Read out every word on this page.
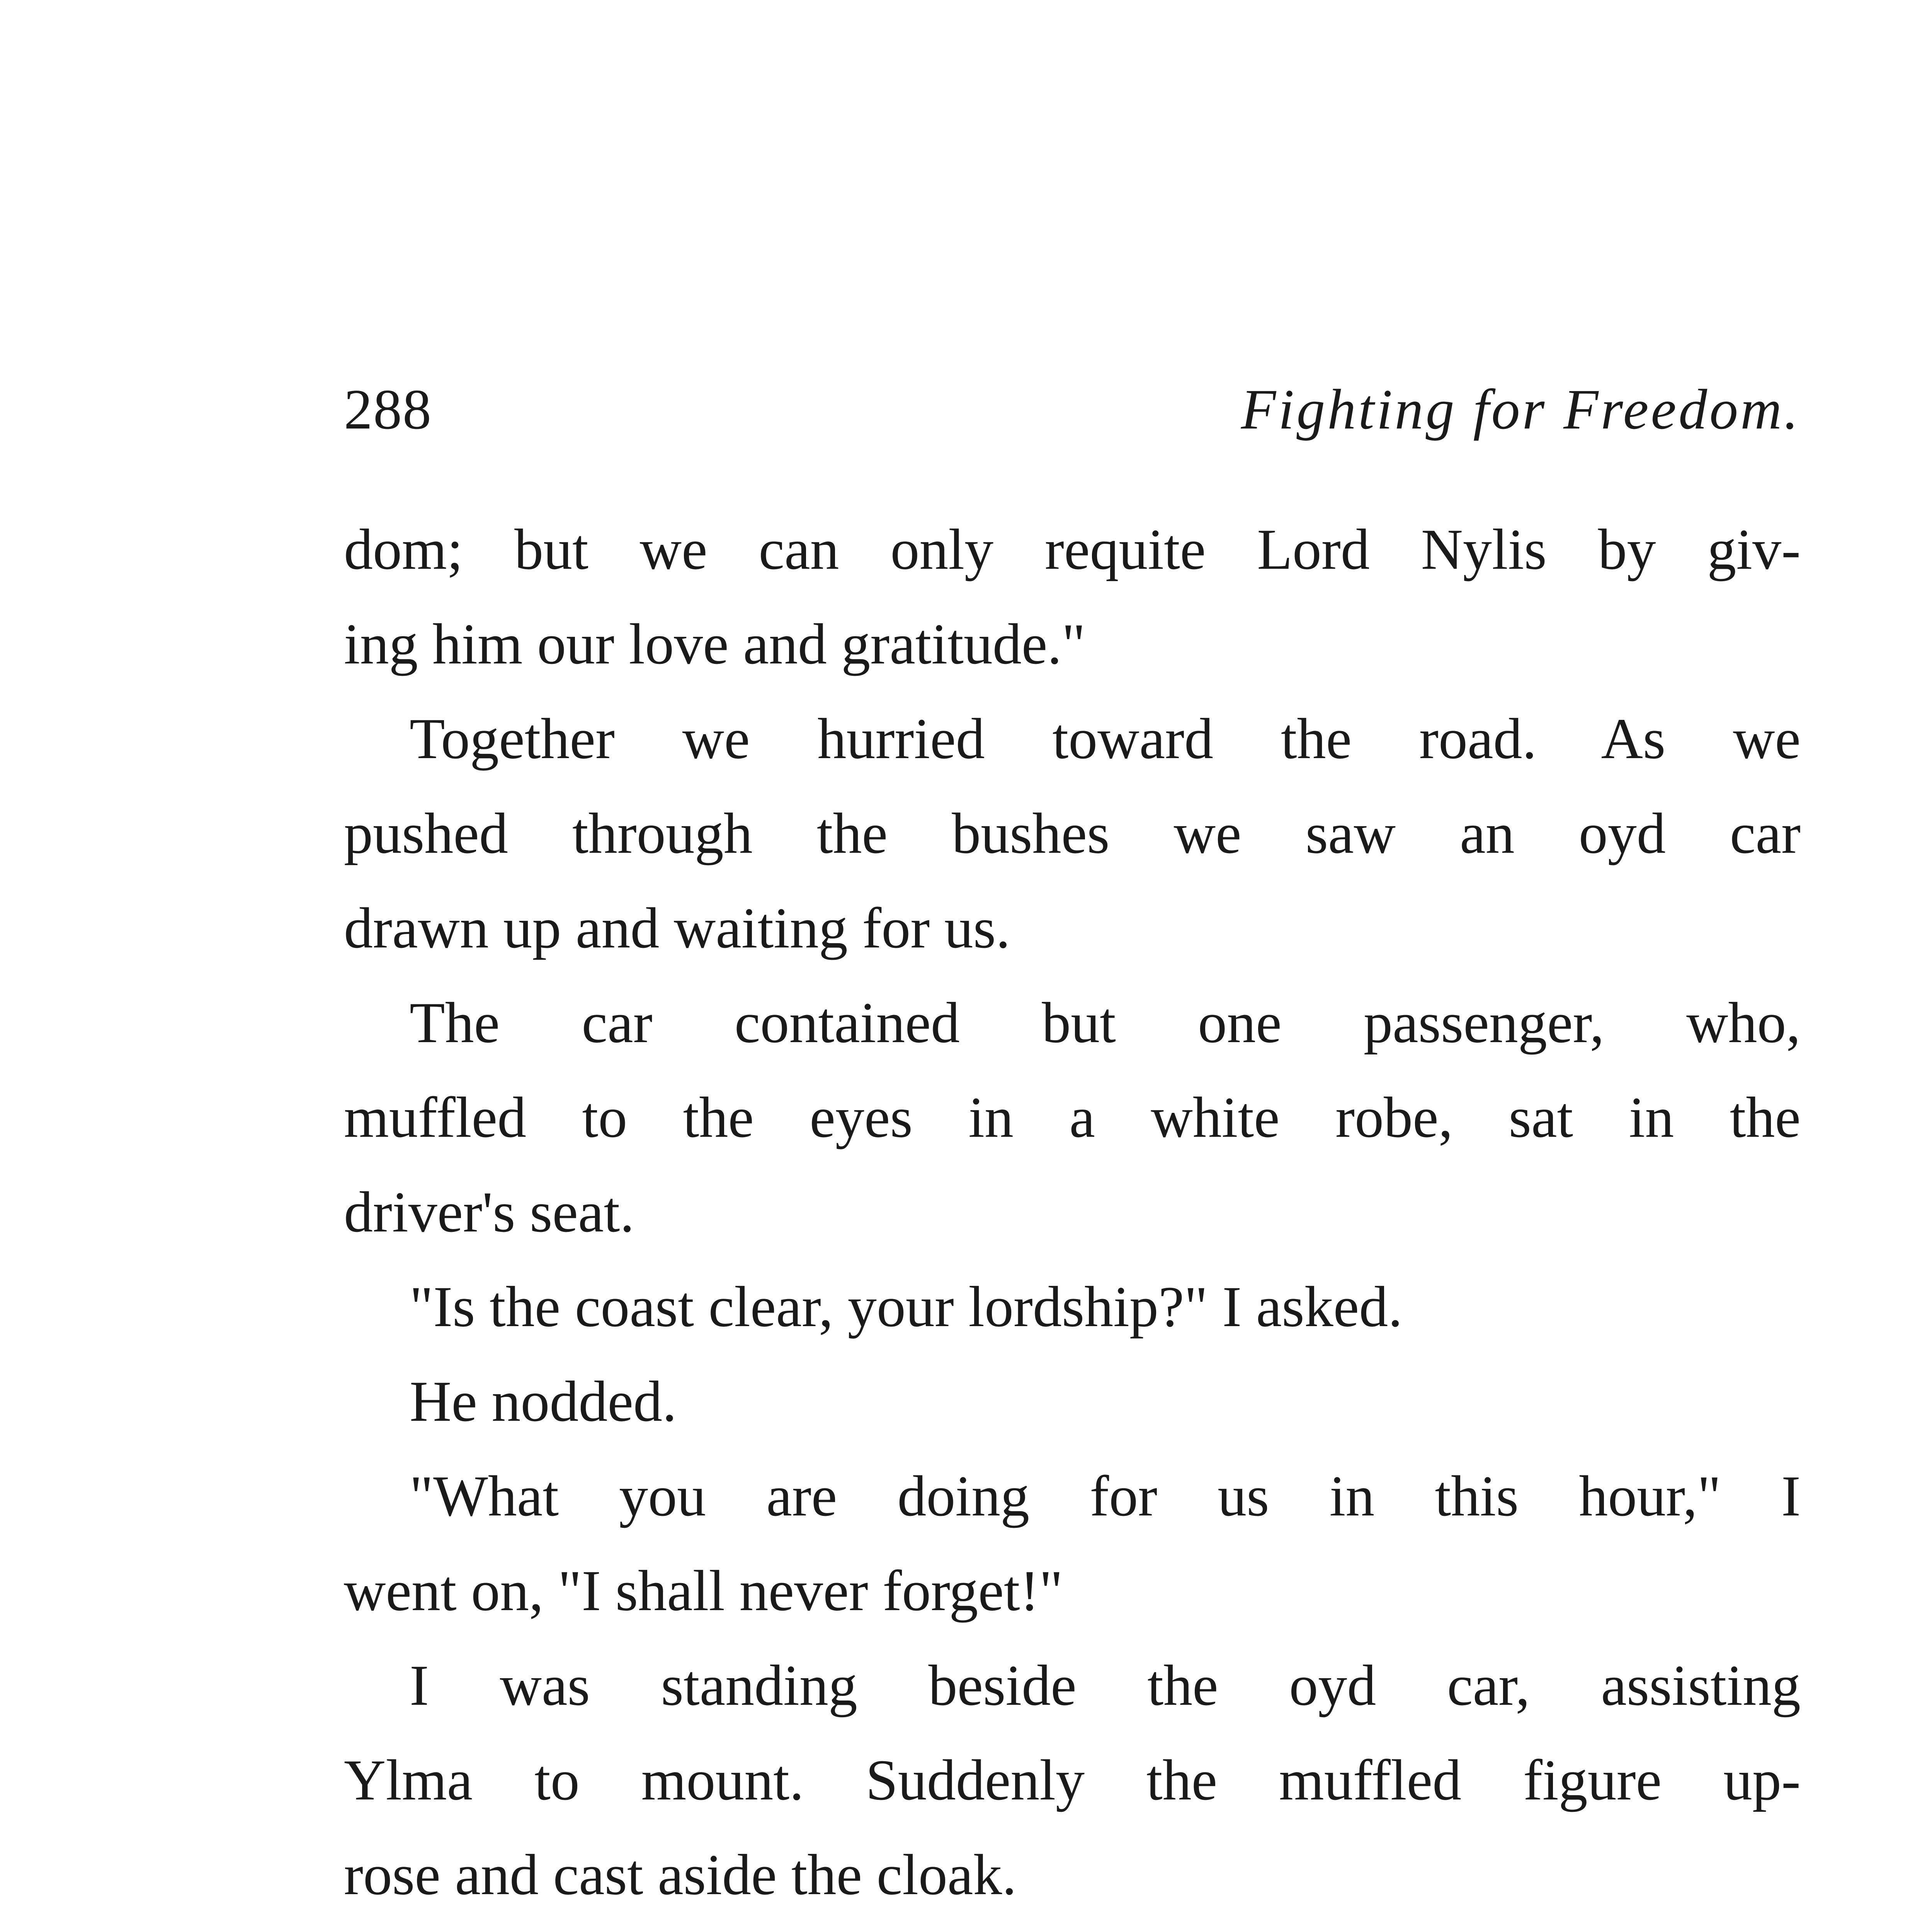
288	Fighting for Freedom.
dom; but we can only requite Lord Nylis by giv-
ing him our love and gratitude."
Together we hurried toward the road. As we
pushed through the bushes we saw an oyd car
drawn up and waiting for us.
The car contained but one passenger, who,
muffled to the eyes in a white robe, sat in the
driver's seat.
"Is the coast clear, your lordship?" I asked.
He nodded.
"What you are doing for us in this hour," I
went on, "I shall never forget!"
I was standing beside the oyd car, assisting
Ylma to mount. Suddenly the muffled figure up-
rose and cast aside the cloak.
